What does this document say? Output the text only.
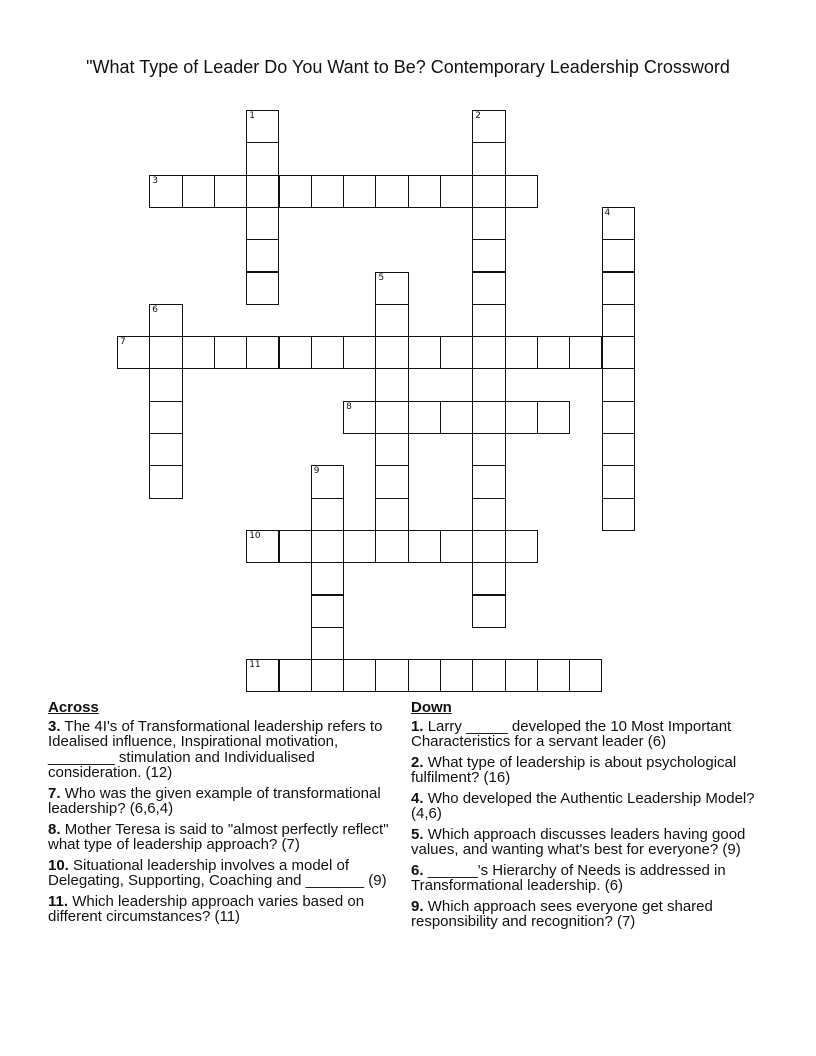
"What Type of Leader Do You Want to Be? Contemporary Leadership Crossword
1	2
3
4
5
6
7
8
9
10
11
Across
3. The 4I's of Transformational leadership refers to Idealised influence, Inspirational motivation, ________ stimulation and Individualised consideration. (12)
7. Who was the given example of transformational leadership? (6,6,4)
8. Mother Teresa is said to "almost perfectly reflect" what type of leadership approach? (7)
10. Situational leadership involves a model of Delegating, Supporting, Coaching and _______ (9)
11. Which leadership approach varies based on different circumstances? (11)
Down
1. Larry _____ developed the 10 Most Important Characteristics for a servant leader (6)
2. What type of leadership is about psychological fulfilment? (16)
4. Who developed the Authentic Leadership Model? (4,6)
5. Which approach discusses leaders having good values, and wanting what's best for everyone? (9)
6. ______'s Hierarchy of Needs is addressed in Transformational leadership. (6)
9. Which approach sees everyone get shared responsibility and recognition? (7)
